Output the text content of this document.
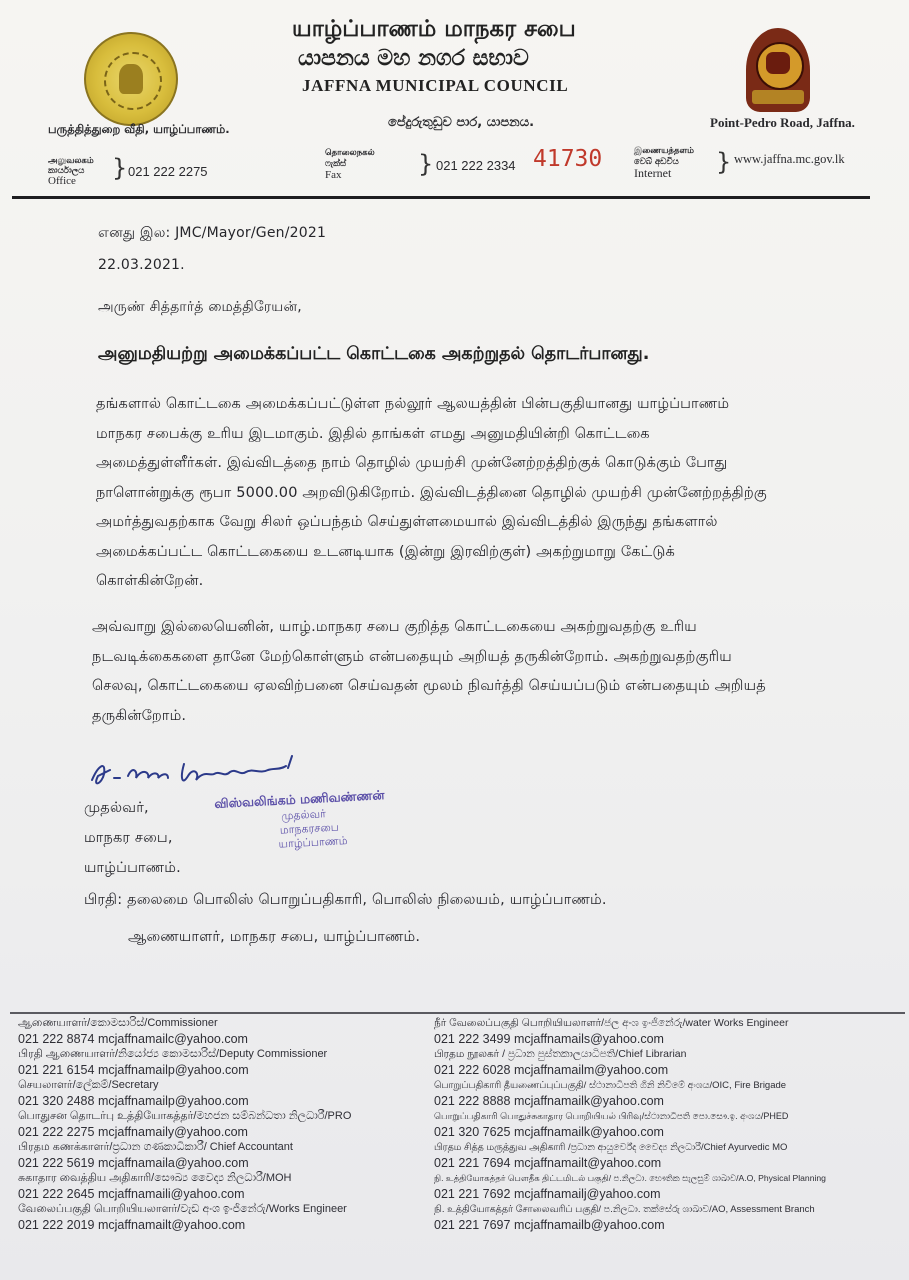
யாழ்ப்பாணம் மாநகர சபை
යාපනය මහ නගර සභාව
JAFFNA MUNICIPAL COUNCIL
பருத்தித்துறை வீதி, யாழ்ப்பாணம்.	පේදුරුතුඩුව පාර, යාපනය.	Point-Pedro Road, Jaffna.
அலுவலகம்
කාර්යාලය
Office	} 021 222 2275
தொலைநகல்
ෆැක්ස්
Fax	} 021 222 2334 41730	இணையத்தளம்
වෙබ් අඩවිය
Internet	} www.jaffna.mc.gov.lk
எனது இல: JMC/Mayor/Gen/2021
22.03.2021.
அருண் சித்தார்த் மைத்திரேயன்,
அனுமதியற்று அமைக்கப்பட்ட கொட்டகை அகற்றுதல் தொடர்பானது.
தங்களால் கொட்டகை அமைக்கப்பட்டுள்ள நல்லூர் ஆலயத்தின் பின்பகுதியானது யாழ்ப்பாணம்
மாநகர சபைக்கு உரிய இடமாகும். இதில் தாங்கள் எமது அனுமதியின்றி கொட்டகை
அமைத்துள்ளீர்கள். இவ்விடத்தை நாம் தொழில் முயற்சி முன்னேற்றத்திற்குக் கொடுக்கும் போது
நாளொன்றுக்கு ரூபா 5000.00 அறவிடுகிறோம். இவ்விடத்தினை தொழில் முயற்சி முன்னேற்றத்திற்கு
அமர்த்துவதற்காக வேறு சிலர் ஒப்பந்தம் செய்துள்ளமையால் இவ்விடத்தில் இருந்து தங்களால்
அமைக்கப்பட்ட கொட்டகையை உடனடியாக (இன்று இரவிற்குள்) அகற்றுமாறு கேட்டுக்
கொள்கின்றேன்.
அவ்வாறு இல்லையெனின், யாழ்.மாநகர சபை குறித்த கொட்டகையை அகற்றுவதற்கு உரிய
நடவடிக்கைகளை தானே மேற்கொள்ளும் என்பதையும் அறியத் தருகின்றோம். அகற்றுவதற்குரிய
செலவு, கொட்டகையை ஏலவிற்பனை செய்வதன் மூலம் நிவர்த்தி செய்யப்படும் என்பதையும் அறியத்
தருகின்றோம்.
முதல்வர்,
மாநகர சபை,
யாழ்ப்பாணம்.
விஸ்வலிங்கம் மணிவண்ணன்
முதல்வர்
மாநகரசபை
யாழ்ப்பாணம்
பிரதி: தலைமை பொலிஸ் பொறுப்பதிகாரி, பொலிஸ் நிலையம், யாழ்ப்பாணம்.
ஆணையாளர், மாநகர சபை, யாழ்ப்பாணம்.
ஆணையாளர்/කොමසාරිස්/Commissioner
021 222 8874 mcjaffnamailc@yahoo.com
பிரதி ஆணையாளர்/නියෝජ්‍ය කොමසාරිස්/Deputy Commissioner
021 221 6154 mcjaffnamailp@yahoo.com
செயலாளர்/ලේකම්/Secretary
021 320 2488 mcjaffnamailp@yahoo.com
பொதுசன தொடர்பு உத்தியோகத்தர்/මහජන සම්බන්ධතා නිලධාරී/PRO
021 222 2275 mcjaffnamaily@yahoo.com
பிரதம கணக்காளர்/ප්‍රධාන ගණකාධිකාරී/ Chief Accountant
021 222 5619 mcjaffnamaila@yahoo.com
சுகாதார வைத்திய அதிகாரி/සෞඛ්‍ය වෛද්‍ය නිලධාරී/MOH
021 222 2645 mcjaffnamaili@yahoo.com
வேலைப்பகுதி பொறியியலாளர்/වැඩ අංශ ඉංජිනේරු/Works Engineer
021 222 2019 mcjaffnamailt@yahoo.com
நீர் வேலைப்பகுதி பொறியியலாளர்/ජල අංශ ඉංජිනේරු/water Works Engineer
021 222 3499 mcjaffnamails@yahoo.com
பிரதம நூலகர் / ප්‍රධාන පුස්තකාලයාධිපති/Chief Librarian
021 222 6028 mcjaffnamailm@yahoo.com
பொறுப்பதிகாரி தீயணைப்புப்பகுதி/ ස්ථානාධිපති ගිනි නිවීමේ අංශය/OIC, Fire Brigade
021 222 8888 mcjaffnamailk@yahoo.com
பொறுப்பதிகாரி பொதுச்சுகாதார பொறியியல் பிரிவு/ස්ථානාධිපති පො.සෞ.ඉ. අංශය/PHED
021 320 7625 mcjaffnamailk@yahoo.com
பிரதம சித்த மருத்துவ அதிகாரி /ප්‍රධාන ආයුර්වේද වෛද්‍ය නිලධාරී/Chief Ayurvedic MO
021 221 7694 mcjaffnamailt@yahoo.com
நி. உத்தியோகத்தர் பௌதீக திட்டமிடல் பகுதி/ ප.නිලධා. භෞතික සැලසුම් ශාඛාව/A.O, Physical Planning
021 221 7692 mcjaffnamailj@yahoo.com
நி. உத்தியோகத்தர் சோலைவரிப் பகுதி/ ප.නිලධා. තක්සේරු ශාඛාව/AO, Assessment Branch
021 221 7697 mcjaffnamailb@yahoo.com
